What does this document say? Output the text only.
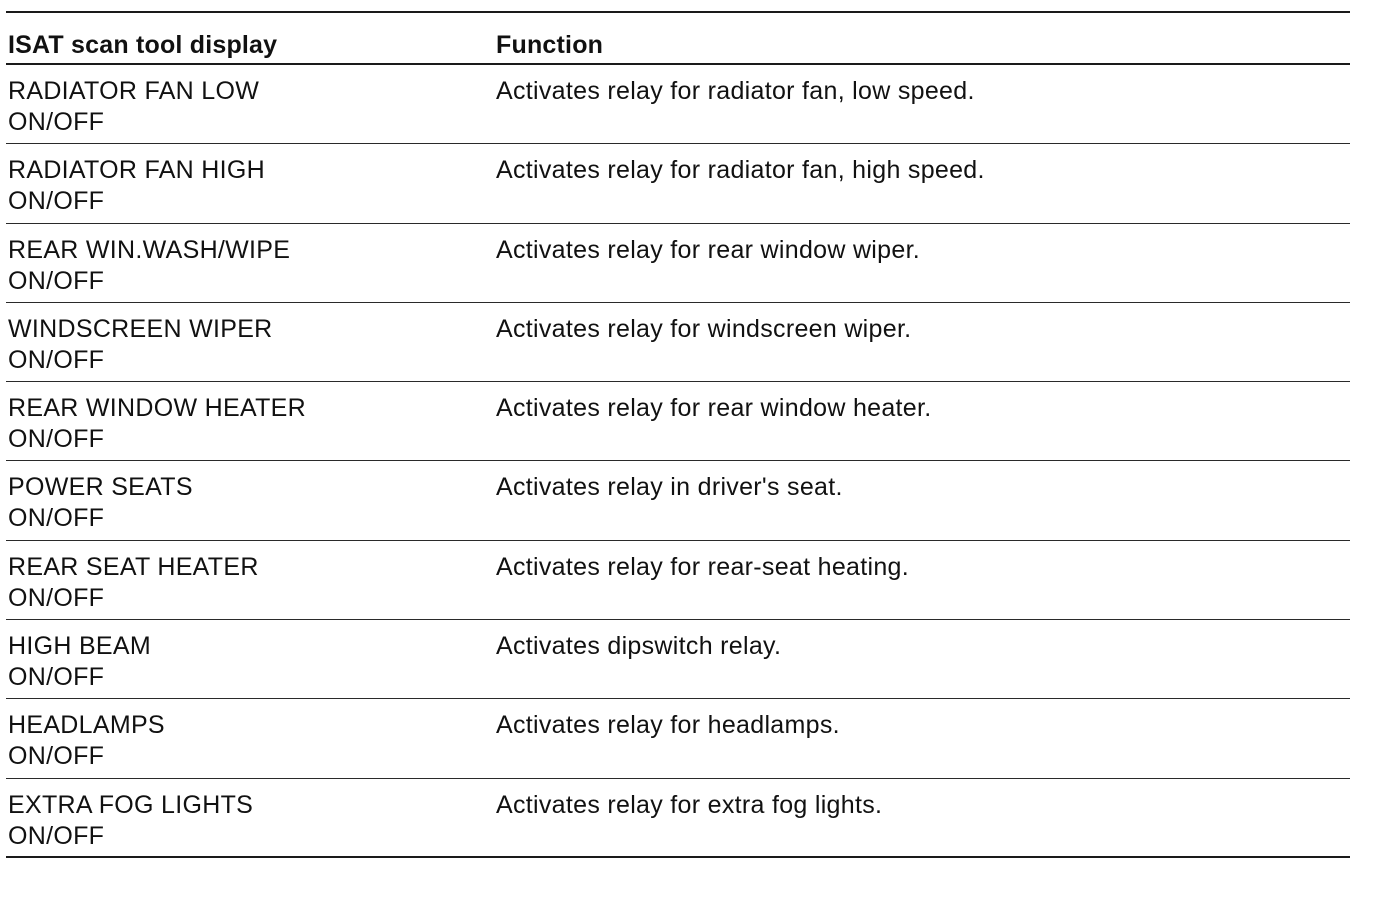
ISAT scan tool display	Function
RADIATOR FAN LOW
ON/OFF
Activates relay for radiator fan, low speed.
RADIATOR FAN HIGH
ON/OFF
Activates relay for radiator fan, high speed.
REAR WIN.WASH/WIPE
ON/OFF
Activates relay for rear window wiper.
WINDSCREEN WIPER
ON/OFF
Activates relay for windscreen wiper.
REAR WINDOW HEATER
ON/OFF
Activates relay for rear window heater.
POWER SEATS
ON/OFF
Activates relay in driver's seat.
REAR SEAT HEATER
ON/OFF
Activates relay for rear-seat heating.
HIGH BEAM
ON/OFF
Activates dipswitch relay.
HEADLAMPS
ON/OFF
Activates relay for headlamps.
EXTRA FOG LIGHTS
ON/OFF
Activates relay for extra fog lights.
